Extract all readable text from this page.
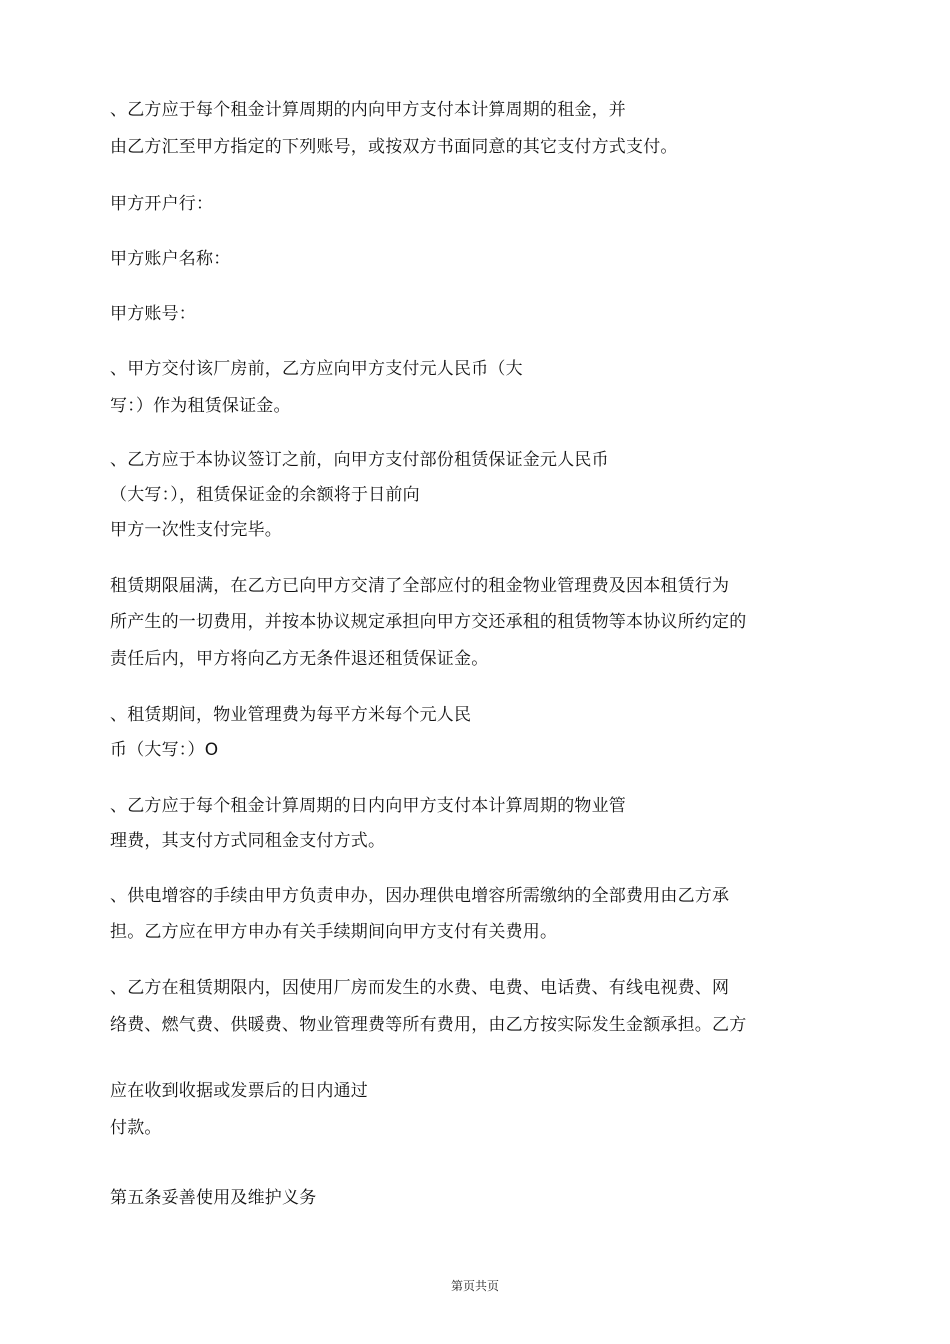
、乙方应于每个租金计算周期的内向甲方支付本计算周期的租金，并
由乙方汇至甲方指定的下列账号，或按双方书面同意的其它支付方式支付。
甲方开户行：
甲方账户名称：
甲方账号：
、甲方交付该厂房前，乙方应向甲方支付元人民币（大
写：）作为租赁保证金。
、乙方应于本协议签订之前，向甲方支付部份租赁保证金元人民币
（大写：），租赁保证金的余额将于日前向
甲方一次性支付完毕。
租赁期限届满，在乙方已向甲方交清了全部应付的租金物业管理费及因本租赁行为
所产生的一切费用，并按本协议规定承担向甲方交还承租的租赁物等本协议所约定的
责任后内，甲方将向乙方无条件退还租赁保证金。
、租赁期间，物业管理费为每平方米每个元人民
币（大写：）O
、乙方应于每个租金计算周期的日内向甲方支付本计算周期的物业管
理费，其支付方式同租金支付方式。
、供电增容的手续由甲方负责申办，因办理供电增容所需缴纳的全部费用由乙方承
担。乙方应在甲方申办有关手续期间向甲方支付有关费用。
、乙方在租赁期限内，因使用厂房而发生的水费、电费、电话费、有线电视费、网
络费、燃气费、供暖费、物业管理费等所有费用，由乙方按实际发生金额承担。乙方
应在收到收据或发票后的日内通过
付款。
第五条妥善使用及维护义务
第页共页
